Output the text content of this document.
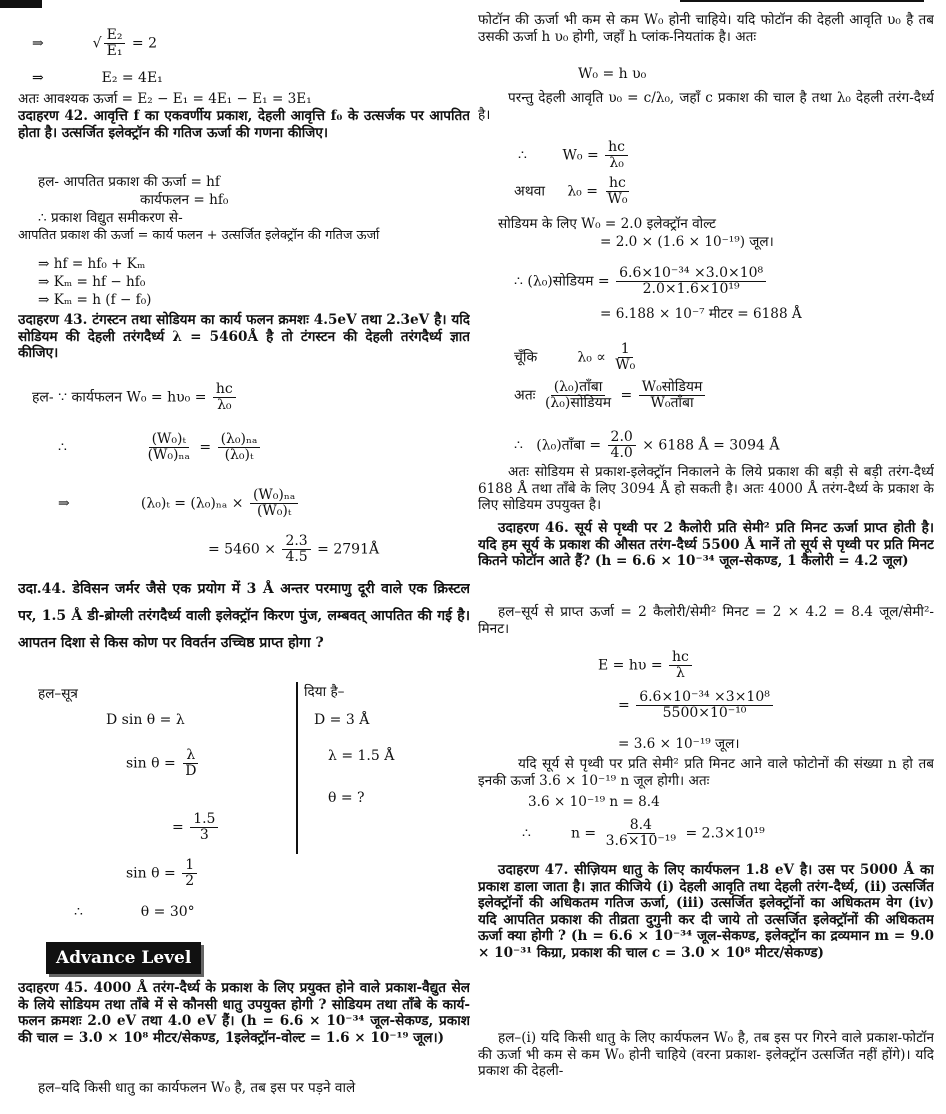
⇒           √ $\frac{\text{E₂}}{\text{E₁}} = 2$
⇒             E₂ = 4E₁
अतः आवश्यक ऊर्जा = E₂ − E₁ = 4E₁ − E₁ = 3E₁
उदाहरण 42. आवृत्ति f का एकवर्णीय प्रकाश, देहली आवृत्ति f₀ के उत्सर्जक पर आपतित होता है। उत्सर्जित इलेक्ट्रॉन की गतिज ऊर्जा की गणना कीजिए।
हल- आपतित प्रकाश की ऊर्जा = hf
कार्यफलन = hf₀
∴ प्रकाश विद्युत समीकरण से-
आपतित प्रकाश की ऊर्जा = कार्य फलन + उत्सर्जित इलेक्ट्रॉन की गतिज ऊर्जा
⇒ hf = hf₀ + Kₘ
⇒ Kₘ = hf − hf₀
⇒ Kₘ = h (f − f₀)
उदाहरण 43. टंगस्टन तथा सोडियम का कार्य फलन क्रमशः 4.5eV तथा 2.3eV है। यदि सोडियम की देहली तरंगदैर्ध्य λ = 5460Å है तो टंगस्टन की देहली तरंगदैर्ध्य ज्ञात कीजिए।
हल- ∵ कार्यफलन $W_0 = h\upsilon_0 = \frac{hc}{\text{λ₀}}$
∴ $\frac{\text{(W₀)ₜ}}{\text{(W₀)ₙₐ}} = \frac{\text{(λ₀)ₙₐ}}{\text{(λ₀)ₜ}}$
⇒                $(\lambda_0)_t = (\lambda_0)_{na} \times \frac{\text{(W₀)ₙₐ}}{\text{(W₀)ₜ}}$
= $5460 \times \frac{2.3}{4.5}$ = 2791Å
उदा.44. डेविसन जर्मर जैसे एक प्रयोग में 3 Å अन्तर परमाणु दूरी वाले एक क्रिस्टल पर, 1.5 Å डी-ब्रोग्ली तरंगदैर्ध्य वाली इलेक्ट्रॉन किरण पुंज, लम्बवत् आपतित की गई है। आपतन दिशा से किस कोण पर विवर्तन उच्चिष्ठ प्राप्त होगा ?
हल–सूत्र	दिया है–
D sin θ = λ	D = 3 Å
λ = 1.5 Å
$\sin \theta = \frac{\lambda}{D}$
θ = ?
= $\frac{1.5}{3}$
$\sin \theta = \frac{1}{2}$
∴             θ = 30°
Advance Level
उदाहरण 45. 4000 Å तरंग-दैर्ध्य के प्रकाश के लिए प्रयुक्त होने वाले प्रकाश-वैद्युत सेल के लिये सोडियम तथा ताँबे में से कौनसी धातु उपयुक्त होगी ? सोडियम तथा ताँबे के कार्य-फलन क्रमशः 2.0 eV तथा 4.0 eV हैं। (h = 6.6 × 10⁻³⁴ जूल-सेकण्ड, प्रकाश की चाल = 3.0 × 10⁸ मीटर/सेकण्ड, 1इलेक्ट्रॉन-वोल्ट = 1.6 × 10⁻¹⁹ जूल।)
हल–यदि किसी धातु का कार्यफलन W₀ है, तब इस पर पड़ने वाले
फोटॉन की ऊर्जा भी कम से कम W₀ होनी चाहिये। यदि फोटॉन की देहली आवृति υ₀ है तब उसकी ऊर्जा h υ₀ होगी, जहाँ h प्लांक-नियतांक है। अतः
W₀ = h υ₀
परन्तु देहली आवृति υ₀ = c/λ₀, जहाँ c प्रकाश की चाल है तथा λ₀ देहली तरंग-दैर्ध्य है।
∴        $W_0 = \frac{hc}{\text{λ₀}}$
अथवा     $\lambda_0 = \frac{hc}{\text{W₀}}$
सोडियम के लिए W₀ = 2.0 इलेक्ट्रॉन वोल्ट
= 2.0 × (1.6 × 10⁻¹⁹) जूल।
∴ (λ₀)सोडियम = $\frac{\text{6.6×10⁻³⁴ ×3.0×10⁸}}{\text{2.0×1.6×10¹⁹}}$
= 6.188 × 10⁻⁷ मीटर = 6188 Å
चूँकि         $\lambda_0 \propto \frac{1}{\text{W₀}}$
अतः $\frac{\text{(λ₀)ताँबा}}{\text{(λ₀)सोडियम}} = \frac{\text{W₀सोडियम}}{\text{W₀ताँबा}}$
∴   (λ₀)ताँबा = $\frac{2.0}{4.0} \times 6188$ Å = 3094 Å
अतः सोडियम से प्रकाश-इलेक्ट्रॉन निकालने के लिये प्रकाश की बड़ी से बड़ी तरंग-दैर्ध्य 6188 Å तथा ताँबे के लिए 3094 Å हो सकती है। अतः 4000 Å तरंग-दैर्ध्य के प्रकाश के लिए सोडियम उपयुक्त है।
उदाहरण 46. सूर्य से पृथ्वी पर 2 कैलोरी प्रति सेमी² प्रति मिनट ऊर्जा प्राप्त होती है। यदि हम सूर्य के प्रकाश की औसत तरंग-दैर्ध्य 5500 Å मानें तो सूर्य से पृथ्वी पर प्रति मिनट कितने फोटॉन आते हैं? (h = 6.6 × 10⁻³⁴ जूल-सेकण्ड, 1 कैलोरी = 4.2 जूल)
हल–सूर्य से प्राप्त ऊर्जा = 2 कैलोरी/सेमी² मिनट = 2 × 4.2 = 8.4 जूल/सेमी²-मिनट।
$E = h\upsilon = \frac{hc}{\lambda}$
= $\frac{\text{6.6×10⁻³⁴ ×3×10⁸}}{\text{5500×10⁻¹⁰}}$
= 3.6 × 10⁻¹⁹ जूल।
यदि सूर्य से पृथ्वी पर प्रति सेमी² प्रति मिनट आने वाले फोटोनों की संख्या n हो तब इनकी ऊर्जा 3.6 × 10⁻¹⁹ n जूल होगी। अतः
3.6 × 10⁻¹⁹ n = 8.4
∴         $n = \frac{8.4}{\text{3.6×10⁻¹⁹}} = 2.3\times 10^{19}$
उदाहरण 47. सीज़ियम धातु के लिए कार्यफलन 1.8 eV है। उस पर 5000 Å का प्रकाश डाला जाता है। ज्ञात कीजिये (i) देहली आवृति तथा देहली तरंग-दैर्ध्य, (ii) उत्सर्जित इलेक्ट्रॉनों की अधिकतम गतिज ऊर्जा, (iii) उत्सर्जित इलेक्ट्रॉनों का अधिकतम वेग (iv) यदि आपतित प्रकाश की तीव्रता दुगुनी कर दी जाये तो उत्सर्जित इलेक्ट्रॉनों की अधिकतम ऊर्जा क्या होगी ? (h = 6.6 × 10⁻³⁴ जूल-सेकण्ड, इलेक्ट्रॉन का द्रव्यमान m = 9.0 × 10⁻³¹ किग्रा, प्रकाश की चाल c = 3.0 × 10⁸ मीटर/सेकण्ड)
हल–(i) यदि किसी धातु के लिए कार्यफलन W₀ है, तब इस पर गिरने वाले प्रकाश-फोटॉन की ऊर्जा भी कम से कम W₀ होनी चाहिये (वरना प्रकाश- इलेक्ट्रॉन उत्सर्जित नहीं होंगे)। यदि प्रकाश की देहली-
